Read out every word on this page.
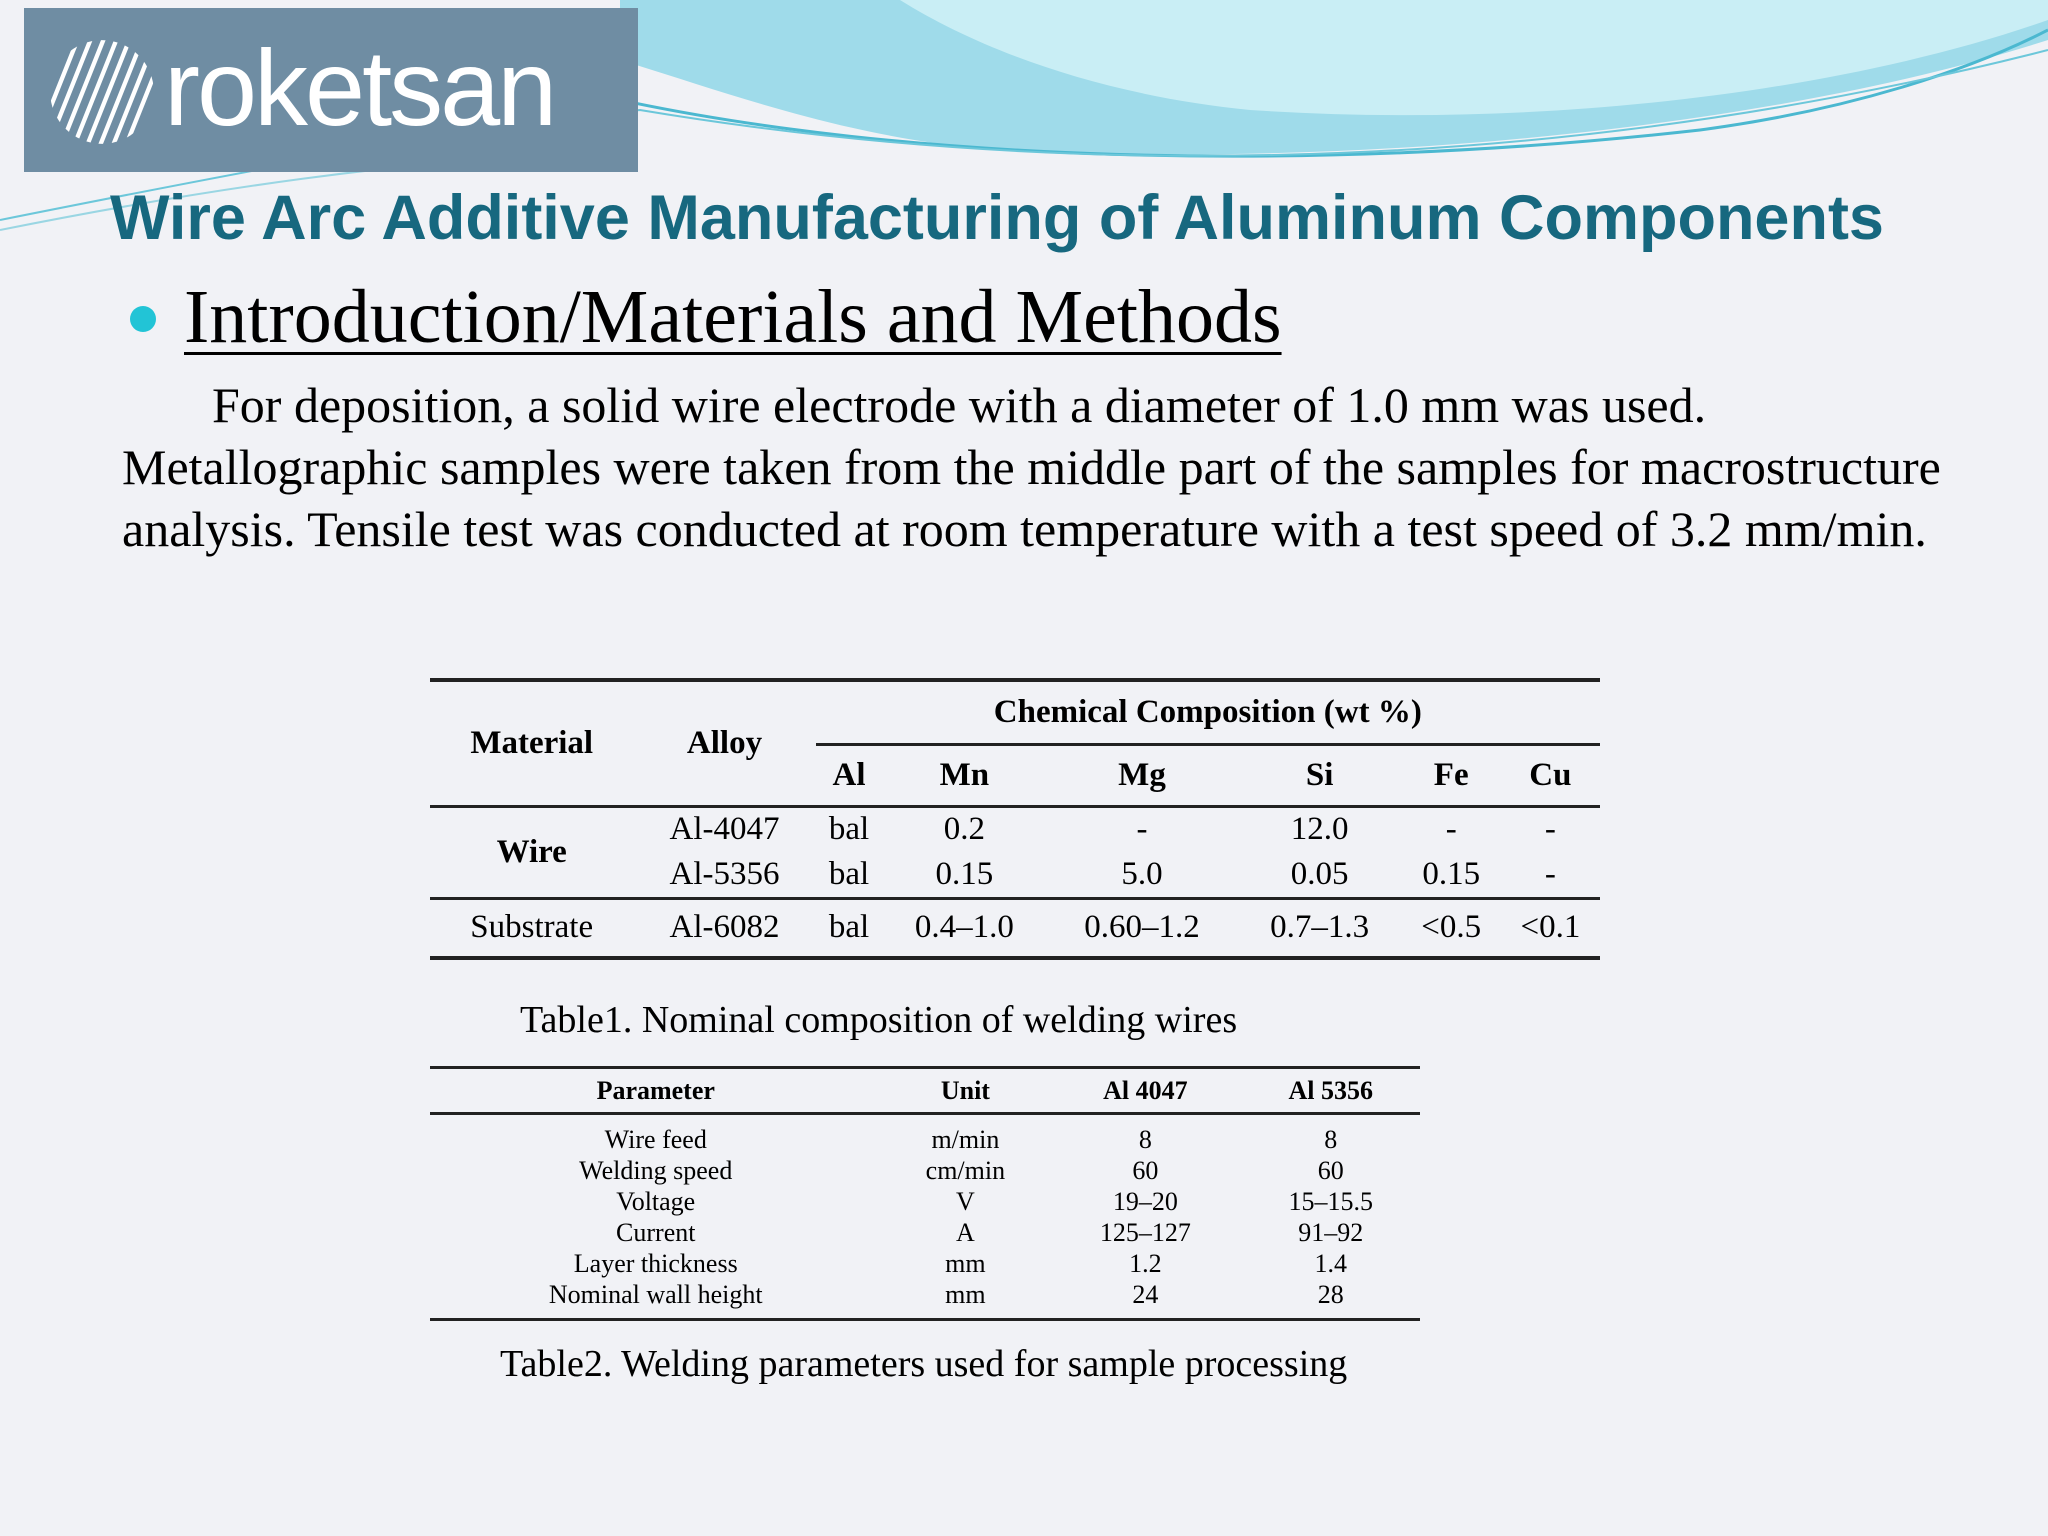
roketsan
Wire Arc Additive Manufacturing of Aluminum Components
Introduction/Materials and Methods

For deposition, a solid wire electrode with a diameter of 1.0 mm was used. Metallographic samples were taken from the middle part of the samples for macrostructure analysis. Tensile test was conducted at room temperature with a test speed of 3.2 mm/min.

Material	Alloy	Chemical Composition (wt %)					
		Al	Mn	Mg	Si	Fe	Cu
Wire	Al-4047	bal	0.2	-	12.0	-	-
	Al-5356	bal	0.15	5.0	0.05	0.15	-
Substrate	Al-6082	bal	0.4–1.0	0.60–1.2	0.7–1.3	<0.5	<0.1
Table1. Nominal composition of welding wires
Parameter	Unit	Al 4047	Al 5356

Wire feed	m/min	8	8
Welding speed	cm/min	60	60
Voltage	V	19–20	15–15.5
Current	A	125–127	91–92
Layer thickness	mm	1.2	1.4
Nominal wall height	mm	24	28

Table2. Welding parameters used for sample processing
